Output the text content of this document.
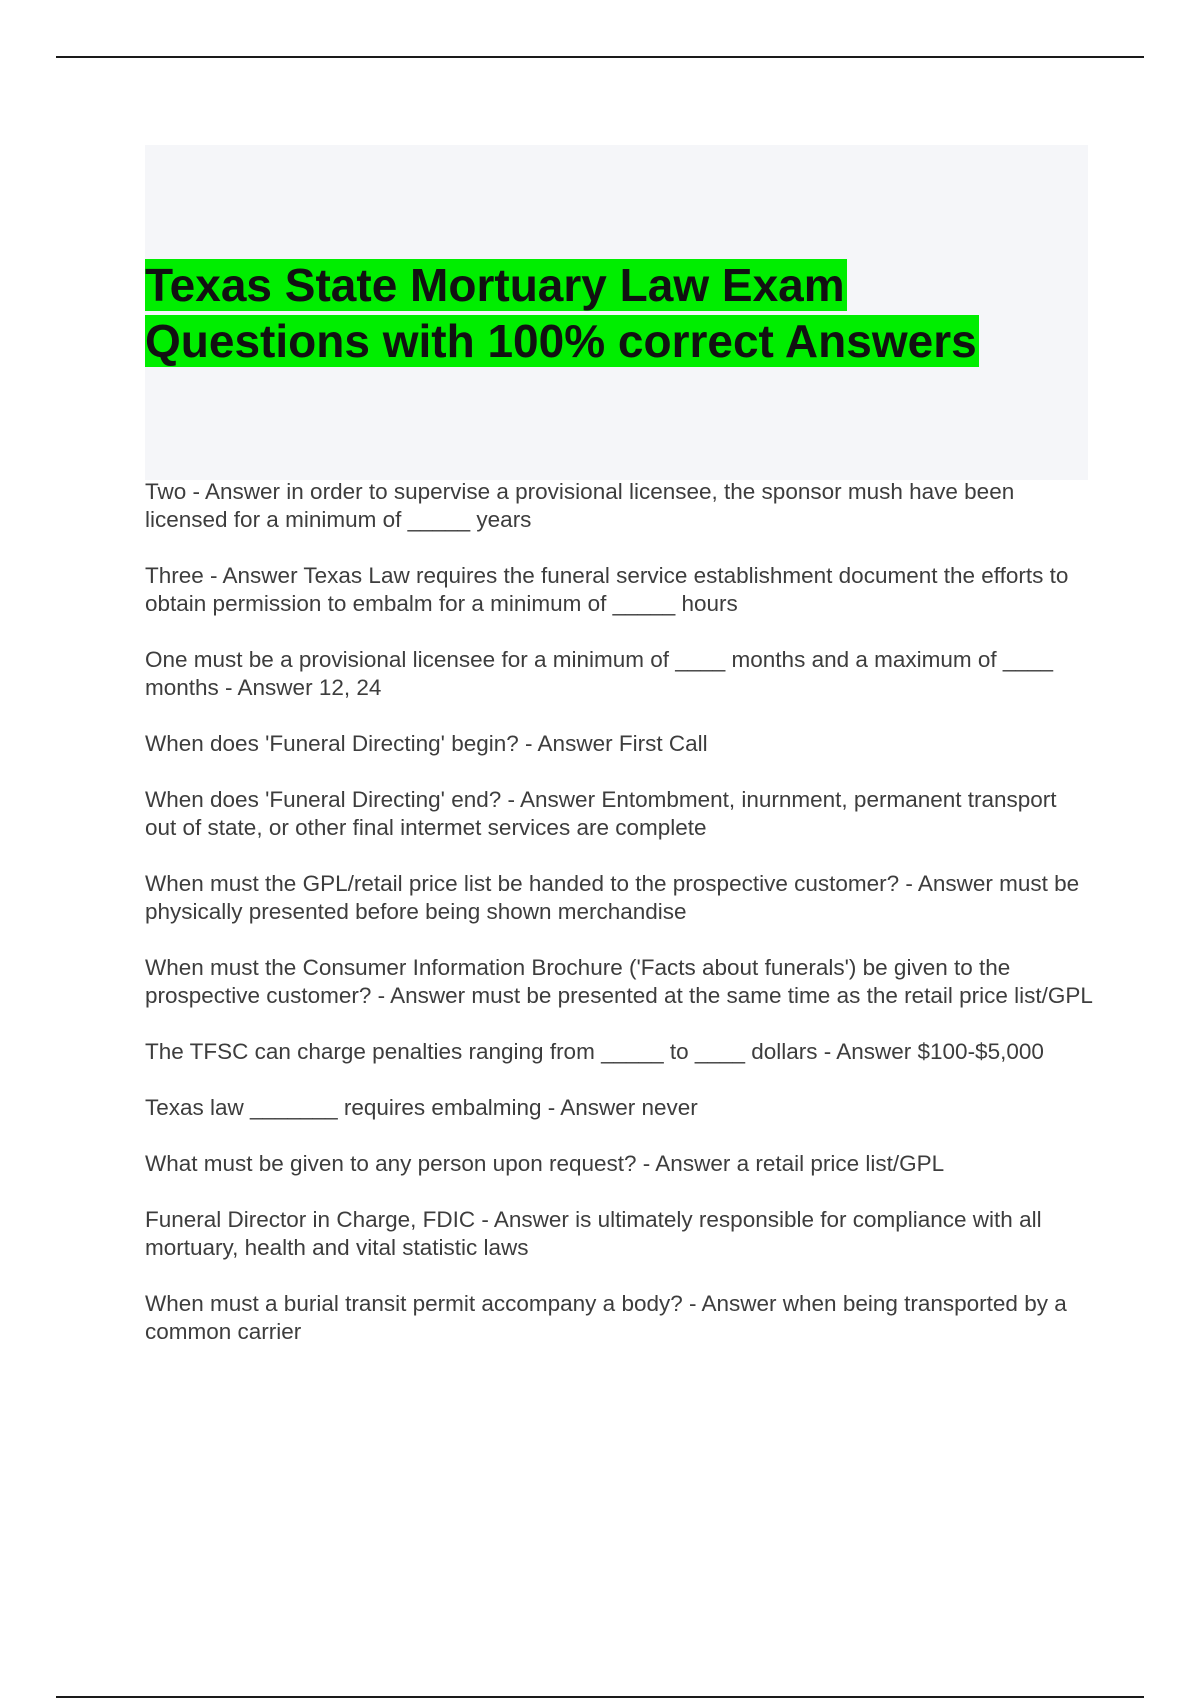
Texas State Mortuary Law Exam Questions with 100% correct Answers
Two - Answer in order to supervise a provisional licensee, the sponsor mush have been licensed for a minimum of _____ years
Three - Answer Texas Law requires the funeral service establishment document the efforts to obtain permission to embalm for a minimum of _____ hours
One must be a provisional licensee for a minimum of ____ months and a maximum of ____ months - Answer 12, 24
When does 'Funeral Directing' begin? - Answer First Call
When does 'Funeral Directing' end? - Answer Entombment, inurnment, permanent transport out of state, or other final intermet services are complete
When must the GPL/retail price list be handed to the prospective customer? - Answer must be physically presented before being shown merchandise
When must the Consumer Information Brochure ('Facts about funerals') be given to the prospective customer? - Answer must be presented at the same time as the retail price list/GPL
The TFSC can charge penalties ranging from _____ to ____ dollars - Answer $100-$5,000
Texas law _______ requires embalming - Answer never
What must be given to any person upon request? - Answer a retail price list/GPL
Funeral Director in Charge, FDIC - Answer is ultimately responsible for compliance with all mortuary, health and vital statistic laws
When must a burial transit permit accompany a body? - Answer when being transported by a common carrier
